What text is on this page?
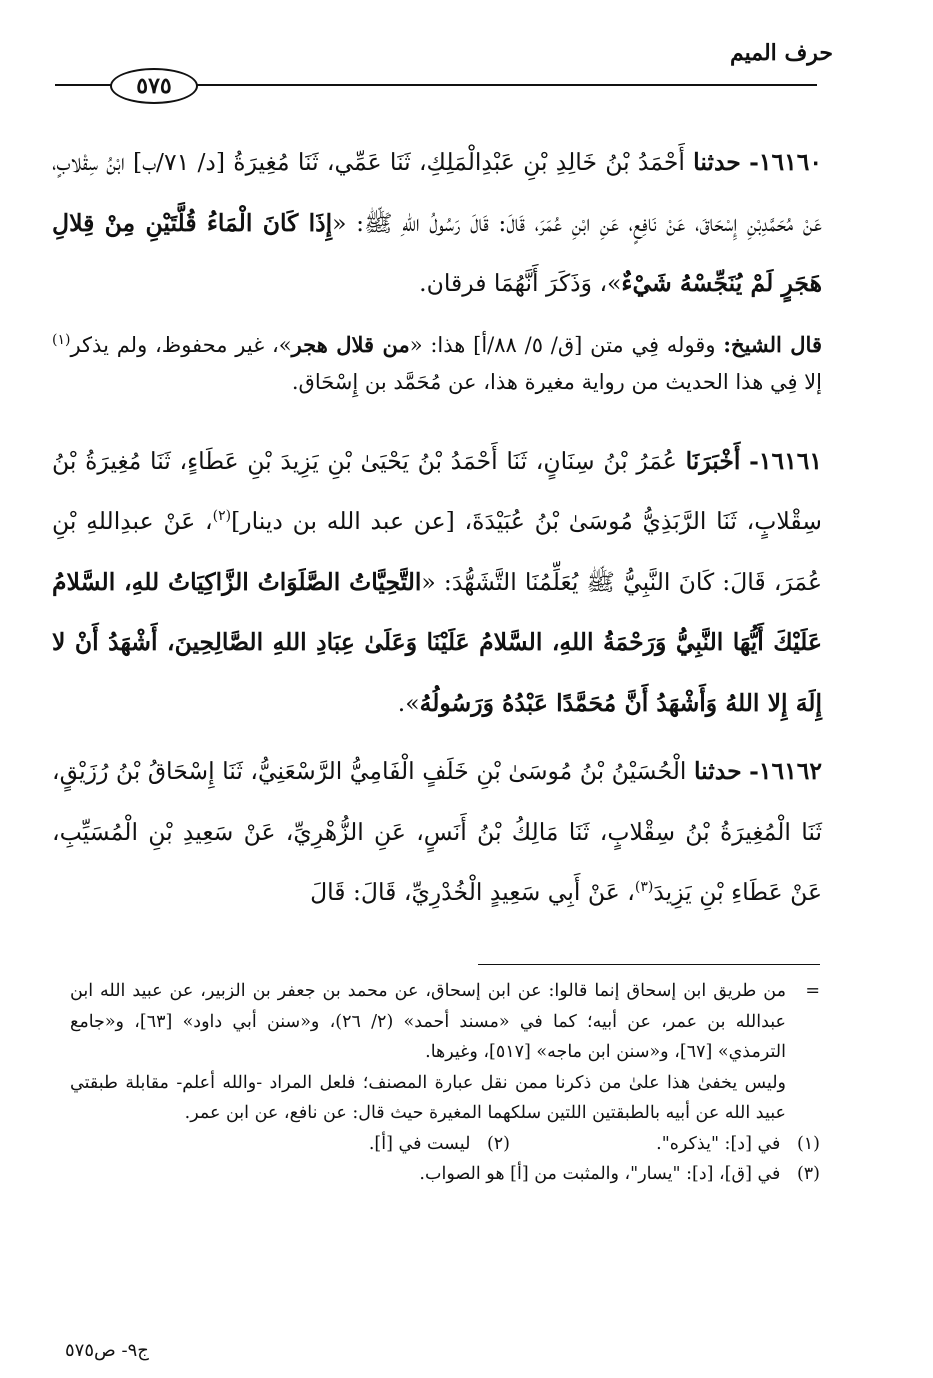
حرف الميم
٥٧٥

١٦١٦٠- حدثنا أَحْمَدُ بْنُ خَالِدِ بْنِ عَبْدِالْمَلِكِ، ثَنَا عَمِّي، ثَنَا مُغِيرَةُ [د/ ٧١/ب] ابْنُ سِقْلابٍ، عَنْ مُحَمَّدِبْنِ إِسْحَاقَ، عَنْ نَافِعٍ، عَنِ ابْنِ عُمَرَ، قَالَ: قَالَ رَسُولُ اللهِ ﷺ: «إِذَا كَانَ الْمَاءُ قُلَّتَيْنِ مِنْ قِلالِ هَجَرٍ لَمْ يُنَجِّسْهُ شَيْءٌ»، وَذَكَرَ أَنَّهُمَا فرقان.

قال الشيخ: وقوله فِي متن [ق/ ٥/ ٨٨/أ] هذا: «من قلال هجر»، غير محفوظ، ولم يذكر$^{(١)}$ إلا فِي هذا الحديث من رواية مغيرة هذا، عن مُحَمَّد بن إِسْحَاق.

١٦١٦١- أَخْبَرَنَا عُمَرُ بْنُ سِنَانٍ، ثَنَا أَحْمَدُ بْنُ يَحْيَىٰ بْنِ يَزِيدَ بْنِ عَطَاءٍ، ثَنَا مُغِيرَةُ بْنُ سِقْلابٍ، ثَنَا الرَّبَذِيُّ مُوسَىٰ بْنُ عُبَيْدَةَ، [عن عبد الله بن دينار]$^{(٢)}$، عَنْ عبدِاللهِ بْنِ عُمَرَ، قَالَ: كَانَ النَّبِيُّ ﷺ يُعَلِّمُنَا التَّشَهُّدَ: «التَّحِيَّاتُ الصَّلَوَاتُ الزَّاكِيَاتُ للهِ، السَّلامُ عَلَيْكَ أَيُّهَا النَّبِيُّ وَرَحْمَةُ اللهِ، السَّلامُ عَلَيْنَا وَعَلَىٰ عِبَادِ اللهِ الصَّالِحِينَ، أَشْهَدُ أَنْ لا إِلَهَ إِلا اللهُ وَأَشْهَدُ أَنَّ مُحَمَّدًا عَبْدُهُ وَرَسُولُهُ».

١٦١٦٢- حدثنا الْحُسَيْنُ بْنُ مُوسَىٰ بْنِ خَلَفٍ الْفَامِيُّ الرَّسْعَنِيُّ، ثَنَا إِسْحَاقُ بْنُ رُزَيْقٍ، ثَنَا الْمُغِيرَةُ بْنُ سِقْلابٍ، ثَنَا مَالِكُ بْنُ أَنَسٍ، عَنِ الزُّهْرِيِّ، عَنْ سَعِيدِ بْنِ الْمُسَيِّبِ، عَنْ عَطَاءِ بْنِ يَزِيدَ$^{(٣)}$، عَنْ أَبِي سَعِيدٍ الْخُدْرِيِّ، قَالَ: قَالَ

=
من طريق ابن إسحاق إنما قالوا: عن ابن إسحاق، عن محمد بن جعفر بن الزبير، عن عبيد الله ابن عبدالله بن عمر، عن أبيه؛ كما في «مسند أحمد» (٢/ ٢٦)، و«سنن أبي داود» [٦٣]، و«جامع الترمذي» [٦٧]، و«سنن ابن ماجه» [٥١٧]، وغيرها.
وليس يخفىٰ هذا علىٰ من ذكرنا ممن نقل عبارة المصنف؛ فلعل المراد -والله أعلم- مقابلة طبقتي عبيد الله عن أبيه بالطبقتين اللتين سلكهما المغيرة حيث قال: عن نافع، عن ابن عمر.
(١) في [د]: "يذكره".
(٢) ليست في [أ].
(٣) في [ق]، [د]: "يسار"، والمثبت من [أ] هو الصواب.
ج٩- ص٥٧٥
